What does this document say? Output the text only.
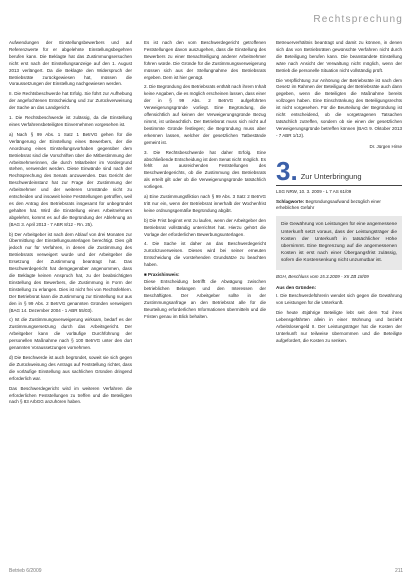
Rechtsprechung

Aufwendungen der Einstellungsbewerbers und auf Referenzwerte für er abgelehnte Einstellungsbegehren berufen kann. Die Beklagte hat das Zustimmungsersuchen nicht erst nach der Einstellungsanzeige auf den 1. August 2013 verlängert. Da die Beklagte den Widerspruch der Betriebsräte zurückgewiesen hat, müssen die Voraussetzungen der Einstellung nachgewiesen werden.

II. Die Rechtsbeschwerde hat Erfolg. Sie führt zur Aufhebung der angefochtenen Entscheidung und zur Zurückverweisung der Sache an das Landgericht.

1. Die Rechtsbeschwerde ist zulässig, da die Einstellung eines Verfahrensbeteiligten Einvernehmen vorgesehen ist.

a) Nach § 99 Abs. 1 Satz 1 BetrVG gehen für die Verlängerung der Einstellung eines Bewerbers, der die Anordnung eines Einstellungsvorhaben gegenüber dem Betriebsrat sind die Vorschriften über die Mitbestimmung der Arbeitnehmerinnen, die durch Mitarbeiter im Vordergrund stehen, verwendet werden. Diese Einwände sind nach der Rechtsprechung des Senats anzuwenden. Das Gericht der Beschwerdeinstanz hat zur Frage der Zustimmung der Arbeitnehmer und der weiteren Umstände nicht zu entscheiden und insoweit keine Feststellungen getroffen, weil es den Antrag des Betriebsrats insgesamt für unbegründet gehalten hat. Wird die Einstellung eines Arbeitnehmers abgelehnt, kommt es auf die Begründung der Ablehnung an (BAG 3. April 2013 - 7 ABR 8/12 - Rn. 25).

b) Der Arbeitgeber ist nach dem Ablauf von drei Monaten zur Übermittlung der Einstellungsunterlagen berechtigt. Dies gilt jedoch nur für Verfahren, in denen die Zustimmung des Betriebsrats verweigert wurde und der Arbeitgeber die Ersetzung der Zustimmung beantragt hat. Das Beschwerdegericht hat demgegenüber angenommen, dass die Beklagte keinen Anspruch hat, zu der beabsichtigten Einstellung des Bewerbers, die Zustimmung in Form der Einstellung zu erlangen. Dies ist nicht frei von Rechtsfehlern. Der Betriebsrat kann die Zustimmung zur Einstellung nur aus den in § 99 Abs. 2 BetrVG genannten Gründen verweigern (BAG 14. Dezember 2004 - 1 ABR 55/03).

c) Ist die Zustimmungsverweigerung wirksam, bedarf es der Zustimmungsersetzung durch das Arbeitsgericht. Der Arbeitgeber kann die vorläufige Durchführung der personellen Maßnahme nach § 100 BetrVG unter den dort genannten Voraussetzungen vornehmen.

d) Die Beschwerde ist auch begründet, soweit sie sich gegen die Zurückweisung des Antrags auf Feststellung richtet, dass die vorläufige Einstellung aus sachlichen Gründen dringend erforderlich war.

Das Beschwerdegericht wird im weiteren Verfahren die erforderlichen Feststellungen zu treffen und die Beteiligten nach § 83 ArbGG anzuhören haben.

Es ist nach den vom Beschwerdegericht getroffenen Feststellungen davon auszugehen, dass die Einstellung des Bewerbers zu einer Benachteiligung anderer Arbeitnehmer führen würde. Die Gründe für die Zustimmungsverweigerung müssen sich aus der Stellungnahme des Betriebsrats ergeben. Dem ist hier genügt.

2. Die Begründung des Betriebsrats enthält nach ihrem Inhalt keine Angaben, die es möglich erscheinen lassen, dass einer der in § 99 Abs. 2 BetrVG aufgeführten Verweigerungsgründe vorliegt. Eine Begründung, die offensichtlich auf keinen der Verweigerungsgründe Bezug nimmt, ist unbeachtlich. Der Betriebsrat muss sich nicht auf bestimmte Gründe festlegen; die Begründung muss aber erkennen lassen, welcher der gesetzlichen Tatbestände gemeint ist.

3. Die Rechtsbeschwerde hat daher Erfolg. Eine abschließende Entscheidung ist dem Senat nicht möglich. Es fehlt an ausreichenden Feststellungen des Beschwerdegerichts, ob die Zustimmung des Betriebsrats als erteilt gilt oder ob die Verweigerungsgründe tatsächlich vorliegen.

a) Eine Zustimmungsfiktion nach § 99 Abs. 3 Satz 2 BetrVG tritt nur ein, wenn der Betriebsrat innerhalb der Wochenfrist keine ordnungsgemäße Begründung abgibt.

b) Die Frist beginnt erst zu laufen, wenn der Arbeitgeber den Betriebsrat vollständig unterrichtet hat. Hierzu gehört die Vorlage der erforderlichen Bewerbungsunterlagen.

4. Die Sache ist daher an das Beschwerdegericht zurückzuverweisen. Dieses wird bei seiner erneuten Entscheidung die vorstehenden Grundsätze zu beachten haben.

■ Praxishinweis:

Diese Entscheidung betrifft die Abwägung zwischen betrieblichen Belangen und den Interessen der Beschäftigten. Der Arbeitgeber sollte in der Zustimmungsanfrage an den Betriebsrat alle für die Beurteilung erforderlichen Informationen übermitteln und die Fristen genau im Blick behalten.

Betreuerverhältnis beantragt und damit zu können, in denen sich das von Betriebsräten gewünschte Verfahren nicht durch die Beteiligung berufen kann. Die beanstandete Einstellung wäre nach Ansicht der Verwaltung nicht möglich, wenn der Betrieb die personelle Situation nicht vollständig prüft.

Die Verpflichtung zur Anhörung der Betriebsräte ist nach dem Gesetz im Rahmen der Beteiligung der Betriebsräte auch dann gegeben, wenn die Beteiligten die Maßnahme bereits vollzogen haben. Eine Einschränkung des Beteiligungsrechts ist nicht vorgesehen. Für die Beurteilung der Begründung ist nicht entscheidend, ob die vorgetragenen Tatsachen tatsächlich zutreffen, sondern ob sie einen der gesetzlichen Verweigerungsgründe betreffen können (BAG 9. Oktober 2013 - 7 ABR 1/12).

Dr. Jürgen Hirse
3. Zur Unterbringung
LSG NRW, 10. 3. 2009 - L 7 AS 61/09
Schlagworte: Begründungsaufwand bezüglich einer erheblichen Gefahr
Die Gewährung von Leistungen für eine angemessene Unterkunft setzt voraus, dass der Leistungsträger die Kosten der Unterkunft in tatsächlicher Höhe übernimmt. Eine Begrenzung auf die angemessenen Kosten ist erst nach einer Übergangsfrist zulässig, sofern die Kostensenkung nicht unzumutbar ist.
BGH, Beschluss vom 15.3.2009 - XII ZB 18/09
Aus den Gründen:

I. Die Beschwerdeführerin wendet sich gegen die Gewährung von Leistungen für die Unterkunft.

Die heute 45jährige Beteiligte lebt seit dem Tod ihres Lebensgefährten allein in einer Wohnung und bezieht Arbeitslosengeld II. Der Leistungsträger hat die Kosten der Unterkunft nur teilweise übernommen und die Beteiligte aufgefordert, die Kosten zu senken.

Betrieb 6/2009	211
